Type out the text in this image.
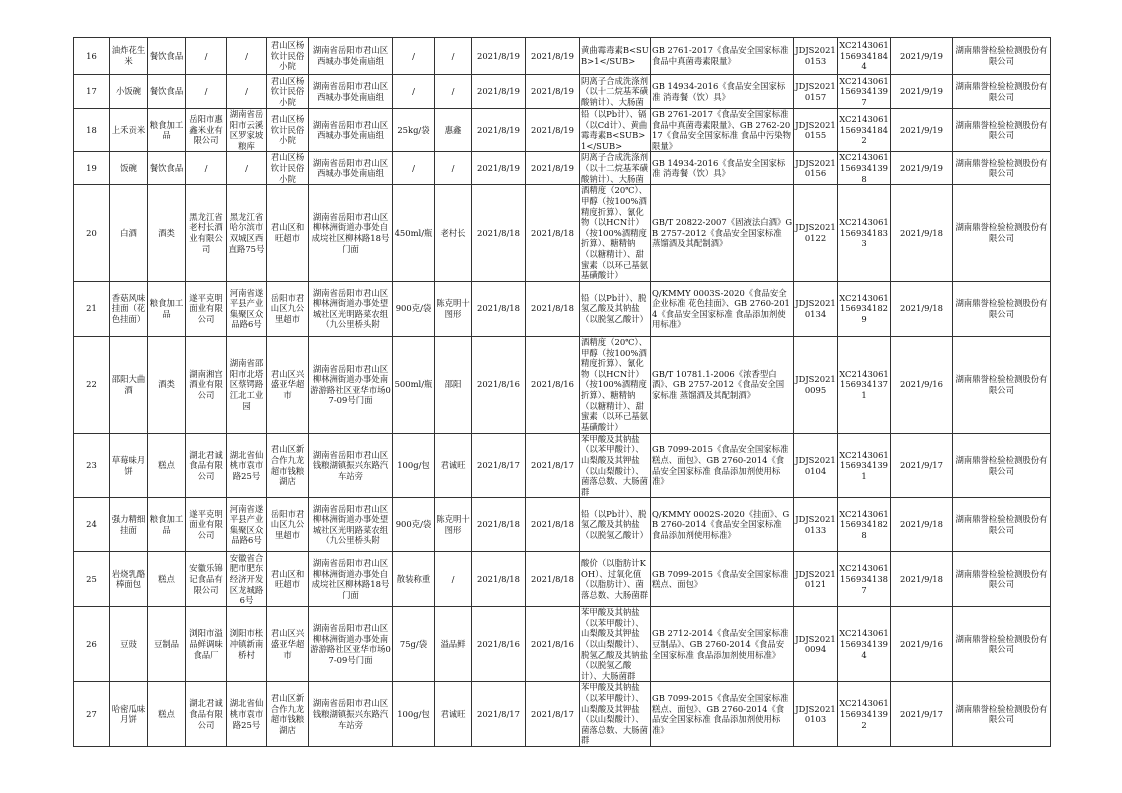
16	油炸花生米	餐饮食品	/	/	君山区杨钦计民俗小院	湖南省岳阳市君山区西城办事处南庙组	/	/	2021/8/19	2021/8/19	黄曲霉毒素B<SUB>1</SUB>	GB 2761-2017《食品安全国家标准 食品中真菌毒素限量》	JDJS20210153	XC21430611569341844	2021/9/19	湖南鼎誉检验检测股份有限公司
17	小饭碗	餐饮食品	/	/	君山区杨钦计民俗小院	湖南省岳阳市君山区西城办事处南庙组	/	/	2021/8/19	2021/8/19	阴离子合成洗涤剂（以十二烷基苯磺酸钠计）、大肠菌	GB 14934-2016《食品安全国家标准 消毒餐（饮）具》	JDJS20210157	XC21430611569341397	2021/9/19	湖南鼎誉检验检测股份有限公司
18	上禾贡米	粮食加工品	岳阳市惠鑫米业有限公司	湖南省岳阳市云溪区罗家坡粮库	君山区杨钦计民俗小院	湖南省岳阳市君山区西城办事处南庙组	25kg/袋	惠鑫	2021/8/19	2021/8/19	铅（以Pb计）、镉（以Cd计）、黄曲霉毒素B<SUB>1</SUB>	GB 2761-2017《食品安全国家标准 食品中真菌毒素限量》、GB 2762-2017《食品安全国家标准 食品中污染物限量》	JDJS20210155	XC21430611569341842	2021/9/19	湖南鼎誉检验检测股份有限公司
19	饭碗	餐饮食品	/	/	君山区杨钦计民俗小院	湖南省岳阳市君山区西城办事处南庙组	/	/	2021/8/19	2021/8/19	阴离子合成洗涤剂（以十二烷基苯磺酸钠计）、大肠菌	GB 14934-2016《食品安全国家标准 消毒餐（饮）具》	JDJS20210156	XC21430611569341398	2021/9/19	湖南鼎誉检验检测股份有限公司
20	白酒	酒类	黑龙江省老村长酒业有限公司	黑龙江省哈尔滨市双城区西直路75号	君山区和旺超市	湖南省岳阳市君山区柳林洲街道办事处自成垸社区柳林路18号门面	450ml/瓶	老村长	2021/8/18	2021/8/18	酒精度（20℃）、甲醇（按100%酒精度折算）、氰化物（以HCN计）（按100%酒精度折算）、糖精钠（以糖精计）、甜蜜素（以环己基氨基磺酸计）	GB/T 20822-2007《固液法白酒》GB 2757-2012《食品安全国家标准 蒸馏酒及其配制酒》	JDJS20210122	XC21430611569341833	2021/9/18	湖南鼎誉检验检测股份有限公司
21	香菇风味挂面（花色挂面）	粮食加工品	遂平克明面业有限公司	河南省遂平县产业集聚区众品路6号	岳阳市君山区九公里超市	湖南省岳阳市君山区柳林洲街道办事处望城社区光明路菜农组（九公里桥头附	900克/袋	陈克明十图形	2021/8/18	2021/8/18	铅（以Pb计）、脱氢乙酸及其钠盐（以脱氢乙酸计）	Q/KMMY 0003S-2020《食品安全企业标准 花色挂面》、GB 2760-2014《食品安全国家标准 食品添加剂使用标准》	JDJS20210134	XC21430611569341829	2021/9/18	湖南鼎誉检验检测股份有限公司
22	邵阳大曲酒	酒类	湖南湘宫酒业有限公司	湖南省邵阳市北塔区蔡锷路江北工业园	君山区兴盛亚华超市	湖南省岳阳市君山区柳林洲街道办事处南游游路社区亚华市场07-09号门面	500ml/瓶	邵阳	2021/8/16	2021/8/16	酒精度（20℃）、甲醇（按100%酒精度折算）、氰化物（以HCN计）（按100%酒精度折算）、糖精钠（以糖精计）、甜蜜素（以环己基氨基磺酸计）	GB/T 10781.1-2006《浓香型白酒》、GB 2757-2012《食品安全国家标准 蒸馏酒及其配制酒》	JDJS20210095	XC21430611569341371	2021/9/16	湖南鼎誉检验检测股份有限公司
23	草莓味月饼	糕点	湖北君诚食品有限公司	湖北省仙桃市袁市路25号	君山区新合作九龙超市钱粮湖店	湖南省岳阳市君山区钱粮湖镇振兴东路汽车站旁	100g/包	君诚旺	2021/8/17	2021/8/17	苯甲酸及其钠盐（以苯甲酸计）、山梨酸及其钾盐（以山梨酸计）、菌落总数、大肠菌群	GB 7099-2015《食品安全国家标准 糕点、面包》、GB 2760-2014《食品安全国家标准 食品添加剂使用标准》	JDJS20210104	XC21430611569341391	2021/9/17	湖南鼎誉检验检测股份有限公司
24	强力精细挂面	粮食加工品	遂平克明面业有限公司	河南省遂平县产业集聚区众品路6号	岳阳市君山区九公里超市	湖南省岳阳市君山区柳林洲街道办事处望城社区光明路菜农组（九公里桥头附	900克/袋	陈克明十图形	2021/8/18	2021/8/18	铅（以Pb计）、脱氢乙酸及其钠盐（以脱氢乙酸计）	Q/KMMY 0002S-2020《挂面》、GB 2760-2014《食品安全国家标准 食品添加剂使用标准》	JDJS20210133	XC21430611569341828	2021/9/18	湖南鼎誉检验检测股份有限公司
25	岩烧乳酪棒面包	糕点	安徽乐锦记食品有限公司	安徽省合肥市肥东经济开发区龙城路6号	君山区和旺超市	湖南省岳阳市君山区柳林洲街道办事处自成垸社区柳林路18号门面	散装称重	/	2021/8/18	2021/8/18	酸价（以脂肪计KOH）、过氧化值（以脂肪计）、菌落总数、大肠菌群	GB 7099-2015《食品安全国家标准 糕点、面包》	JDJS20210121	XC21430611569341387	2021/9/18	湖南鼎誉检验检测股份有限公司
26	豆豉	豆制品	浏阳市溢品鲜调味食品厂	浏阳市枨冲镇新南桥村	君山区兴盛亚华超市	湖南省岳阳市君山区柳林洲街道办事处南游游路社区亚华市场07-09号门面	75g/袋	溢品鲜	2021/8/16	2021/8/16	苯甲酸及其钠盐（以苯甲酸计）、山梨酸及其钾盐（以山梨酸计）、脱氢乙酸及其钠盐（以脱氢乙酸计）、大肠菌群	GB 2712-2014《食品安全国家标准 豆制品》、GB 2760-2014《食品安全国家标准 食品添加剂使用标准》	JDJS20210094	XC21430611569341394	2021/9/16	湖南鼎誉检验检测股份有限公司
27	哈密瓜味月饼	糕点	湖北君诚食品有限公司	湖北省仙桃市袁市路25号	君山区新合作九龙超市钱粮湖店	湖南省岳阳市君山区钱粮湖镇振兴东路汽车站旁	100g/包	君诚旺	2021/8/17	2021/8/17	苯甲酸及其钠盐（以苯甲酸计）、山梨酸及其钾盐（以山梨酸计）、菌落总数、大肠菌群	GB 7099-2015《食品安全国家标准 糕点、面包》、GB 2760-2014《食品安全国家标准 食品添加剂使用标准》	JDJS20210103	XC21430611569341392	2021/9/17	湖南鼎誉检验检测股份有限公司
